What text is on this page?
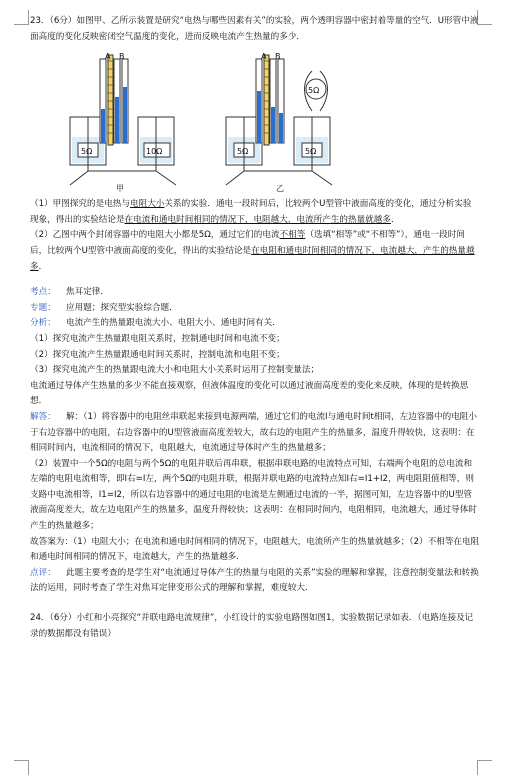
23．（6分）如图甲、乙所示装置是研究“电热与哪些因素有关”的实验，两个透明容器中密封着等量的空气．U形管中液面高度的变化反映密闭空气温度的变化，进而反映电流产生热量的多少．

A B	A B
5Ω	10Ω	5Ω	5Ω
5Ω
甲	乙

（1）甲图探究的是电热与电阻大小关系的实验．通电一段时间后，比较两个U型管中液面高度的变化，通过分析实验现象，得出的实验结论是在电流和通电时间相同的情况下，电阻越大，电流所产生的热量就越多．

（2）乙图中两个封闭容器中的电阻大小都是5Ω，通过它们的电流不相等（选填“相等”或“不相等”），通电一段时间后，比较两个U型管中液面高度的变化，得出的实验结论是在电阻和通电时间相同的情况下，电流越大，产生的热量越多．

考点： 焦耳定律．

专题： 应用题；探究型实验综合题．

分析： 电流产生的热量跟电流大小、电阻大小、通电时间有关．

（1）探究电流产生热量跟电阻关系时，控制通电时间和电流不变；

（2）探究电流产生热量跟通电时间关系时，控制电流和电阻不变；

（3）探究电流产生的热量跟电流大小和电阻大小关系时运用了控制变量法；

电流通过导体产生热量的多少不能直接观察，但液体温度的变化可以通过液面高度差的变化来反映，体现的是转换思想．

解答： 解：（1）将容器中的电阻丝串联起来接到电源两端，通过它们的电流I与通电时间t相同，左边容器中的电阻小于右边容器中的电阻，右边容器中的U型管液面高度差较大，故右边的电阻产生的热量多，温度升得较快，这表明：在相同时间内，电流相同的情况下，电阻越大，电流通过导体时产生的热量越多；

（2）装置中一个5Ω的电阻与两个5Ω的电阻并联后再串联，根据串联电路的电流特点可知，右端两个电阻的总电流和左端的电阻电流相等，即I右=I左，两个5Ω的电阻并联，根据并联电路的电流特点知I右=I1+I2，两电阻阻值相等，则支路中电流相等，I1=I2，所以右边容器中的通过电阻的电流是左侧通过电流的一半，据图可知，左边容器中的U型管液面高度差大，故左边电阻产生的热量多，温度升得较快；这表明：在相同时间内，电阻相同，电流越大，通过导体时产生的热量越多；

故答案为：（1）电阻大小；在电流和通电时间相同的情况下，电阻越大，电流所产生的热量就越多；（2）不相等在电阻和通电时间相同的情况下，电流越大，产生的热量越多．

点评： 此题主要考查的是学生对“电流通过导体产生的热量与电阻的关系”实验的理解和掌握，注意控制变量法和转换法的运用，同时考查了学生对焦耳定律变形公式的理解和掌握，难度较大．

24．（6分）小红和小亮探究“并联电路电流规律”，小红设计的实验电路图如图1，实验数据记录如表．（电路连接及记录的数据都没有错误）
